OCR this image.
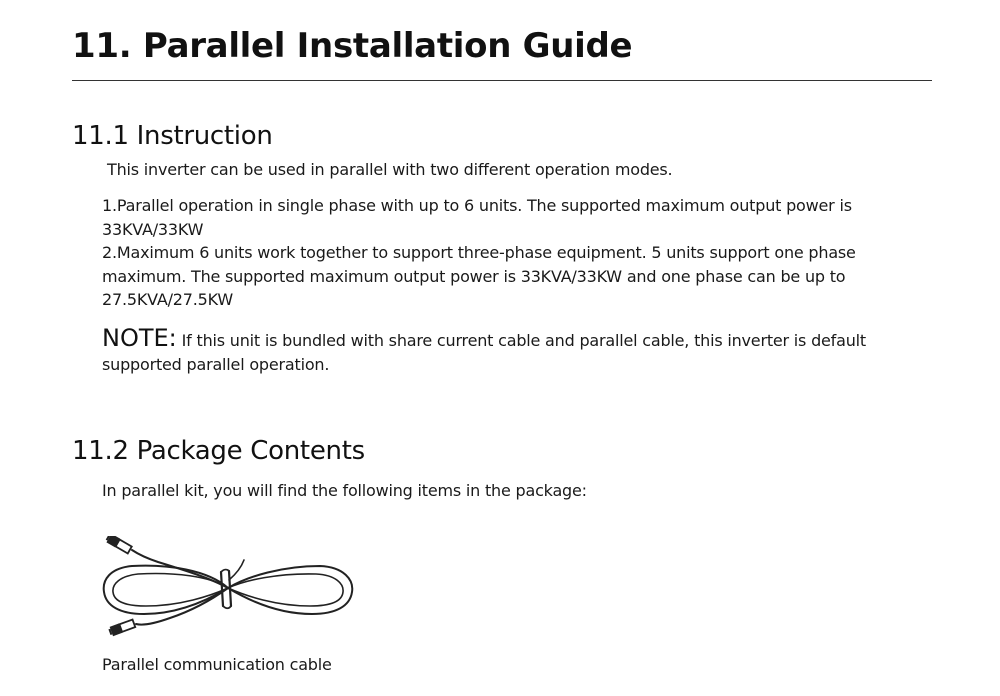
11. Parallel Installation Guide
11.1 Instruction

This inverter can be used in parallel with two different operation modes.

1.Parallel operation in single phase with up to 6 units. The supported maximum output power is 33KVA/33KW
2.Maximum 6 units work together to support three-phase equipment. 5 units support one phase maximum. The supported maximum output power is 33KVA/33KW and one phase can be up to 27.5KVA/27.5KW

NOTE: If this unit is bundled with share current cable and parallel cable, this inverter is default supported parallel operation.

11.2 Package Contents

In parallel kit, you will find the following items in the package:

Parallel communication cable
